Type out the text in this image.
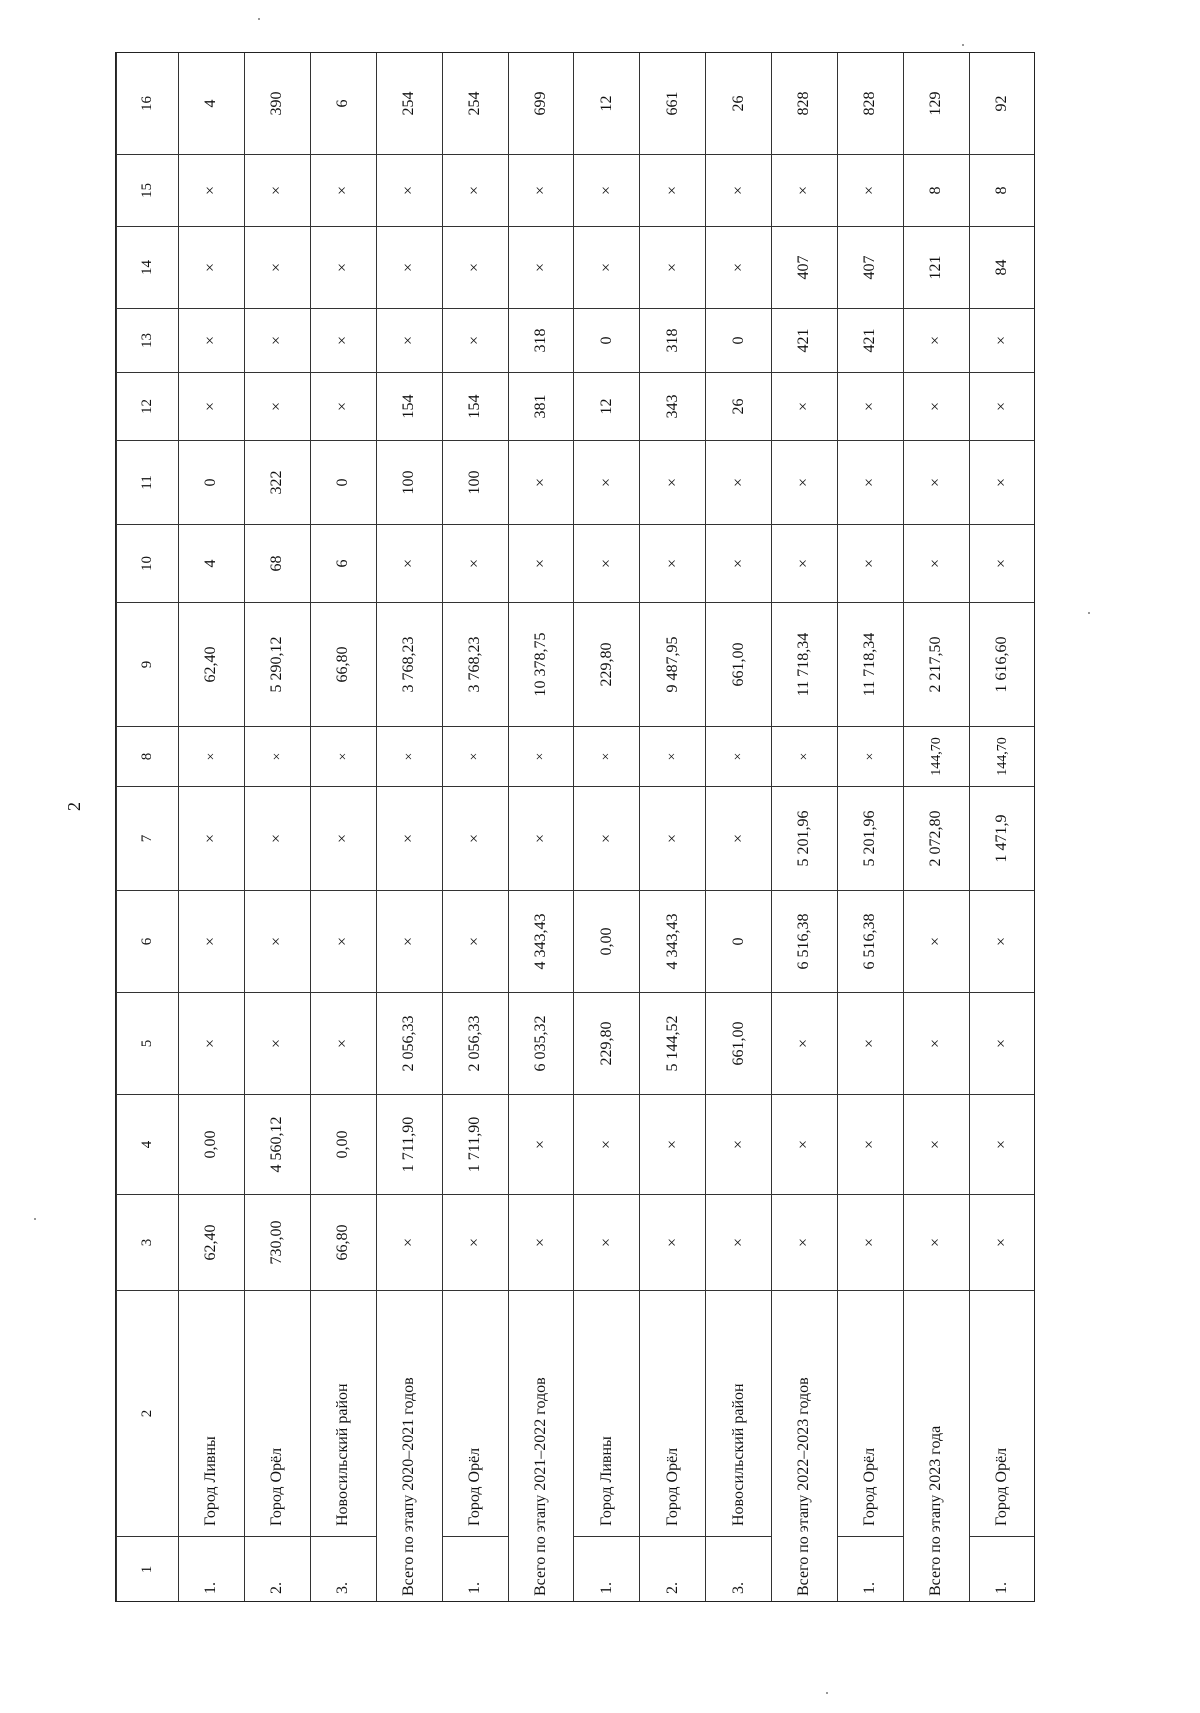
2
1	2	3	4	5	6	7	8	9	10	11	12	13	14	15	16
1.	Город Ливны	62,40	0,00	×	×	×	×	62,40	4	0	×	×	×	×	4
2.	Город Орёл	730,00	4 560,12	×	×	×	×	5 290,12	68	322	×	×	×	×	390
3.	Новосильский район	66,80	0,00	×	×	×	×	66,80	6	0	×	×	×	×	6
Всего по этапу 2020–2021 годов		×	1 711,90	2 056,33	×	×	×	3 768,23	×	100	154	×	×	×	254
1.	Город Орёл	×	1 711,90	2 056,33	×	×	×	3 768,23	×	100	154	×	×	×	254
Всего по этапу 2021–2022 годов		×	×	6 035,32	4 343,43	×	×	10 378,75	×	×	381	318	×	×	699
1.	Город Ливны	×	×	229,80	0,00	×	×	229,80	×	×	12	0	×	×	12
2.	Город Орёл	×	×	5 144,52	4 343,43	×	×	9 487,95	×	×	343	318	×	×	661
3.	Новосильский район	×	×	661,00	0	×	×	661,00	×	×	26	0	×	×	26
Всего по этапу 2022–2023 годов		×	×	×	6 516,38	5 201,96	×	11 718,34	×	×	×	421	407	×	828
1.	Город Орёл	×	×	×	6 516,38	5 201,96	×	11 718,34	×	×	×	421	407	×	828
Всего по этапу 2023 года		×	×	×	×	2 072,80	144,70	2 217,50	×	×	×	×	121	8	129
1.	Город Орёл	×	×	×	×	1 471,9	144,70	1 616,60	×	×	×	×	84	8	92
